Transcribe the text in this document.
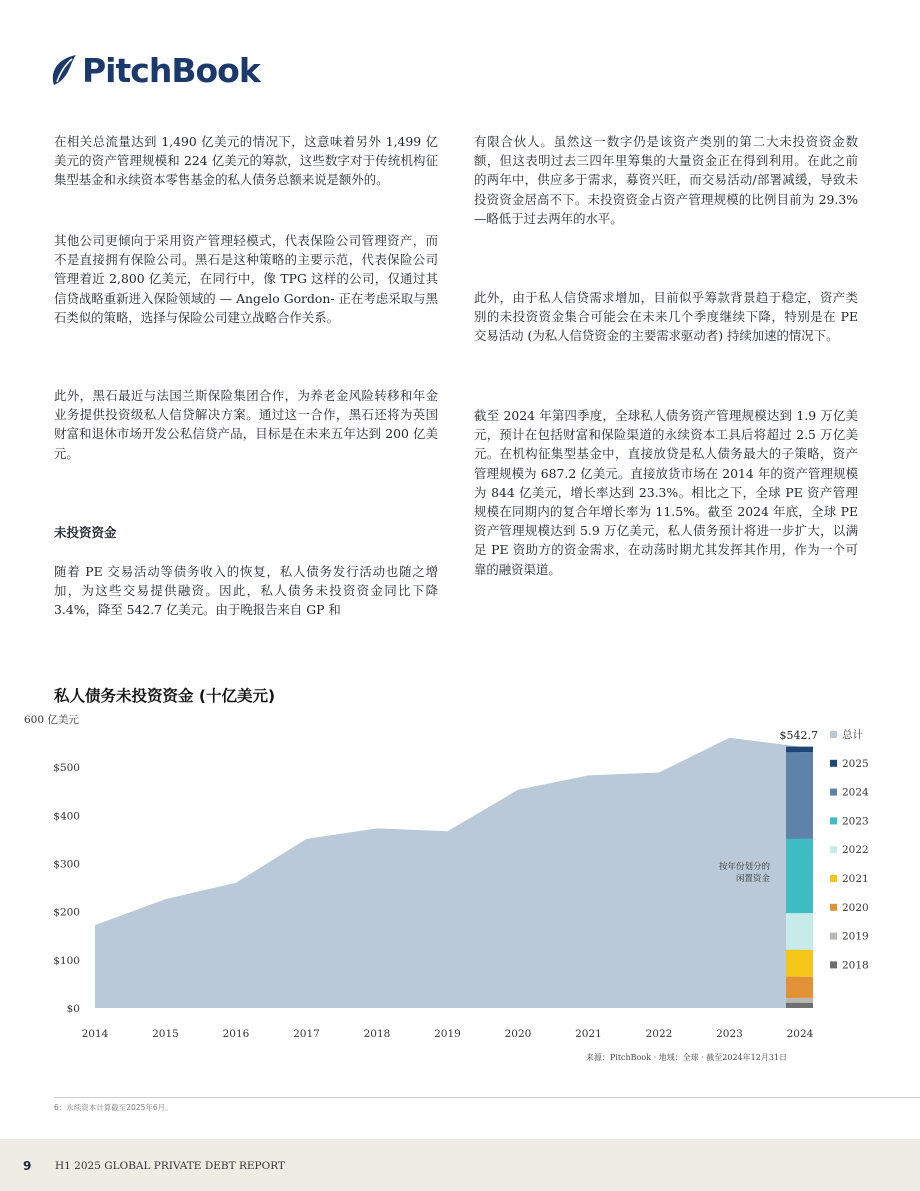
PitchBook

在相关总流量达到 1,490 亿美元的情况下，这意味着另外 1,499 亿美元的资产管理规模和 224 亿美元的筹款，这些数字对于传统机构征集型基金和永续资本零售基金的私人债务总额来说是额外的。

其他公司更倾向于采用资产管理轻模式，代表保险公司管理资产，而不是直接拥有保险公司。黑石是这种策略的主要示范，代表保险公司管理着近 2,800 亿美元，在同行中，像 TPG 这样的公司，仅通过其信贷战略重新进入保险领域的 — Angelo Gordon- 正在考虑采取与黑石类似的策略，选择与保险公司建立战略合作关系。

此外，黑石最近与法国兰斯保险集团合作，为养老金风险转移和年金业务提供投资级私人信贷解决方案。通过这一合作，黑石还将为英国财富和退休市场开发公私信贷产品，目标是在未来五年达到 200 亿美元。

未投资资金

随着 PE 交易活动等债务收入的恢复，私人债务发行活动也随之增加，为这些交易提供融资。因此，私人债务未投资资金同比下降 3.4%，降至 542.7 亿美元。由于晚报告来自 GP 和

有限合伙人。虽然这一数字仍是该资产类别的第二大未投资资金数额，但这表明过去三四年里筹集的大量资金正在得到利用。在此之前的两年中，供应多于需求，募资兴旺，而交易活动/部署减缓，导致未投资资金居高不下。未投资资金占资产管理规模的比例目前为 29.3%—略低于过去两年的水平。

此外，由于私人信贷需求增加，目前似乎筹款背景趋于稳定，资产类别的未投资资金集合可能会在未来几个季度继续下降，特别是在 PE 交易活动 (为私人信贷资金的主要需求驱动者) 持续加速的情况下。

截至 2024 年第四季度，全球私人债务资产管理规模达到 1.9 万亿美元，预计在包括财富和保险渠道的永续资本工具后将超过 2.5 万亿美元。在机构征集型基金中，直接放贷是私人债务最大的子策略，资产管理规模为 687.2 亿美元。直接放货市场在 2014 年的资产管理规模为 844 亿美元，增长率达到 23.3%。相比之下，全球 PE 资产管理规模在同期内的复合年增长率为 11.5%。截至 2024 年底，全球 PE 资产管理规模达到 5.9 万亿美元，私人债务预计将进一步扩大，以满足 PE 资助方的资金需求，在动荡时期尤其发挥其作用，作为一个可靠的融资渠道。

私人债务未投资资金 (十亿美元)
600 亿美元
$0
$100
$200
$300
$400
$500
2014	2015	2016	2017	2018	2019	2020	2021	2022	2023	2024
$542.7
按年份划分的
闲置资金
来源：PitchBook · 地域：全球 · 截至2024年12月31日
总计
2025
2024
2023
2022
2021
2020
2019
2018
6：永续资本计算截至2025年6月。
9 H1 2025 GLOBAL PRIVATE DEBT REPORT
